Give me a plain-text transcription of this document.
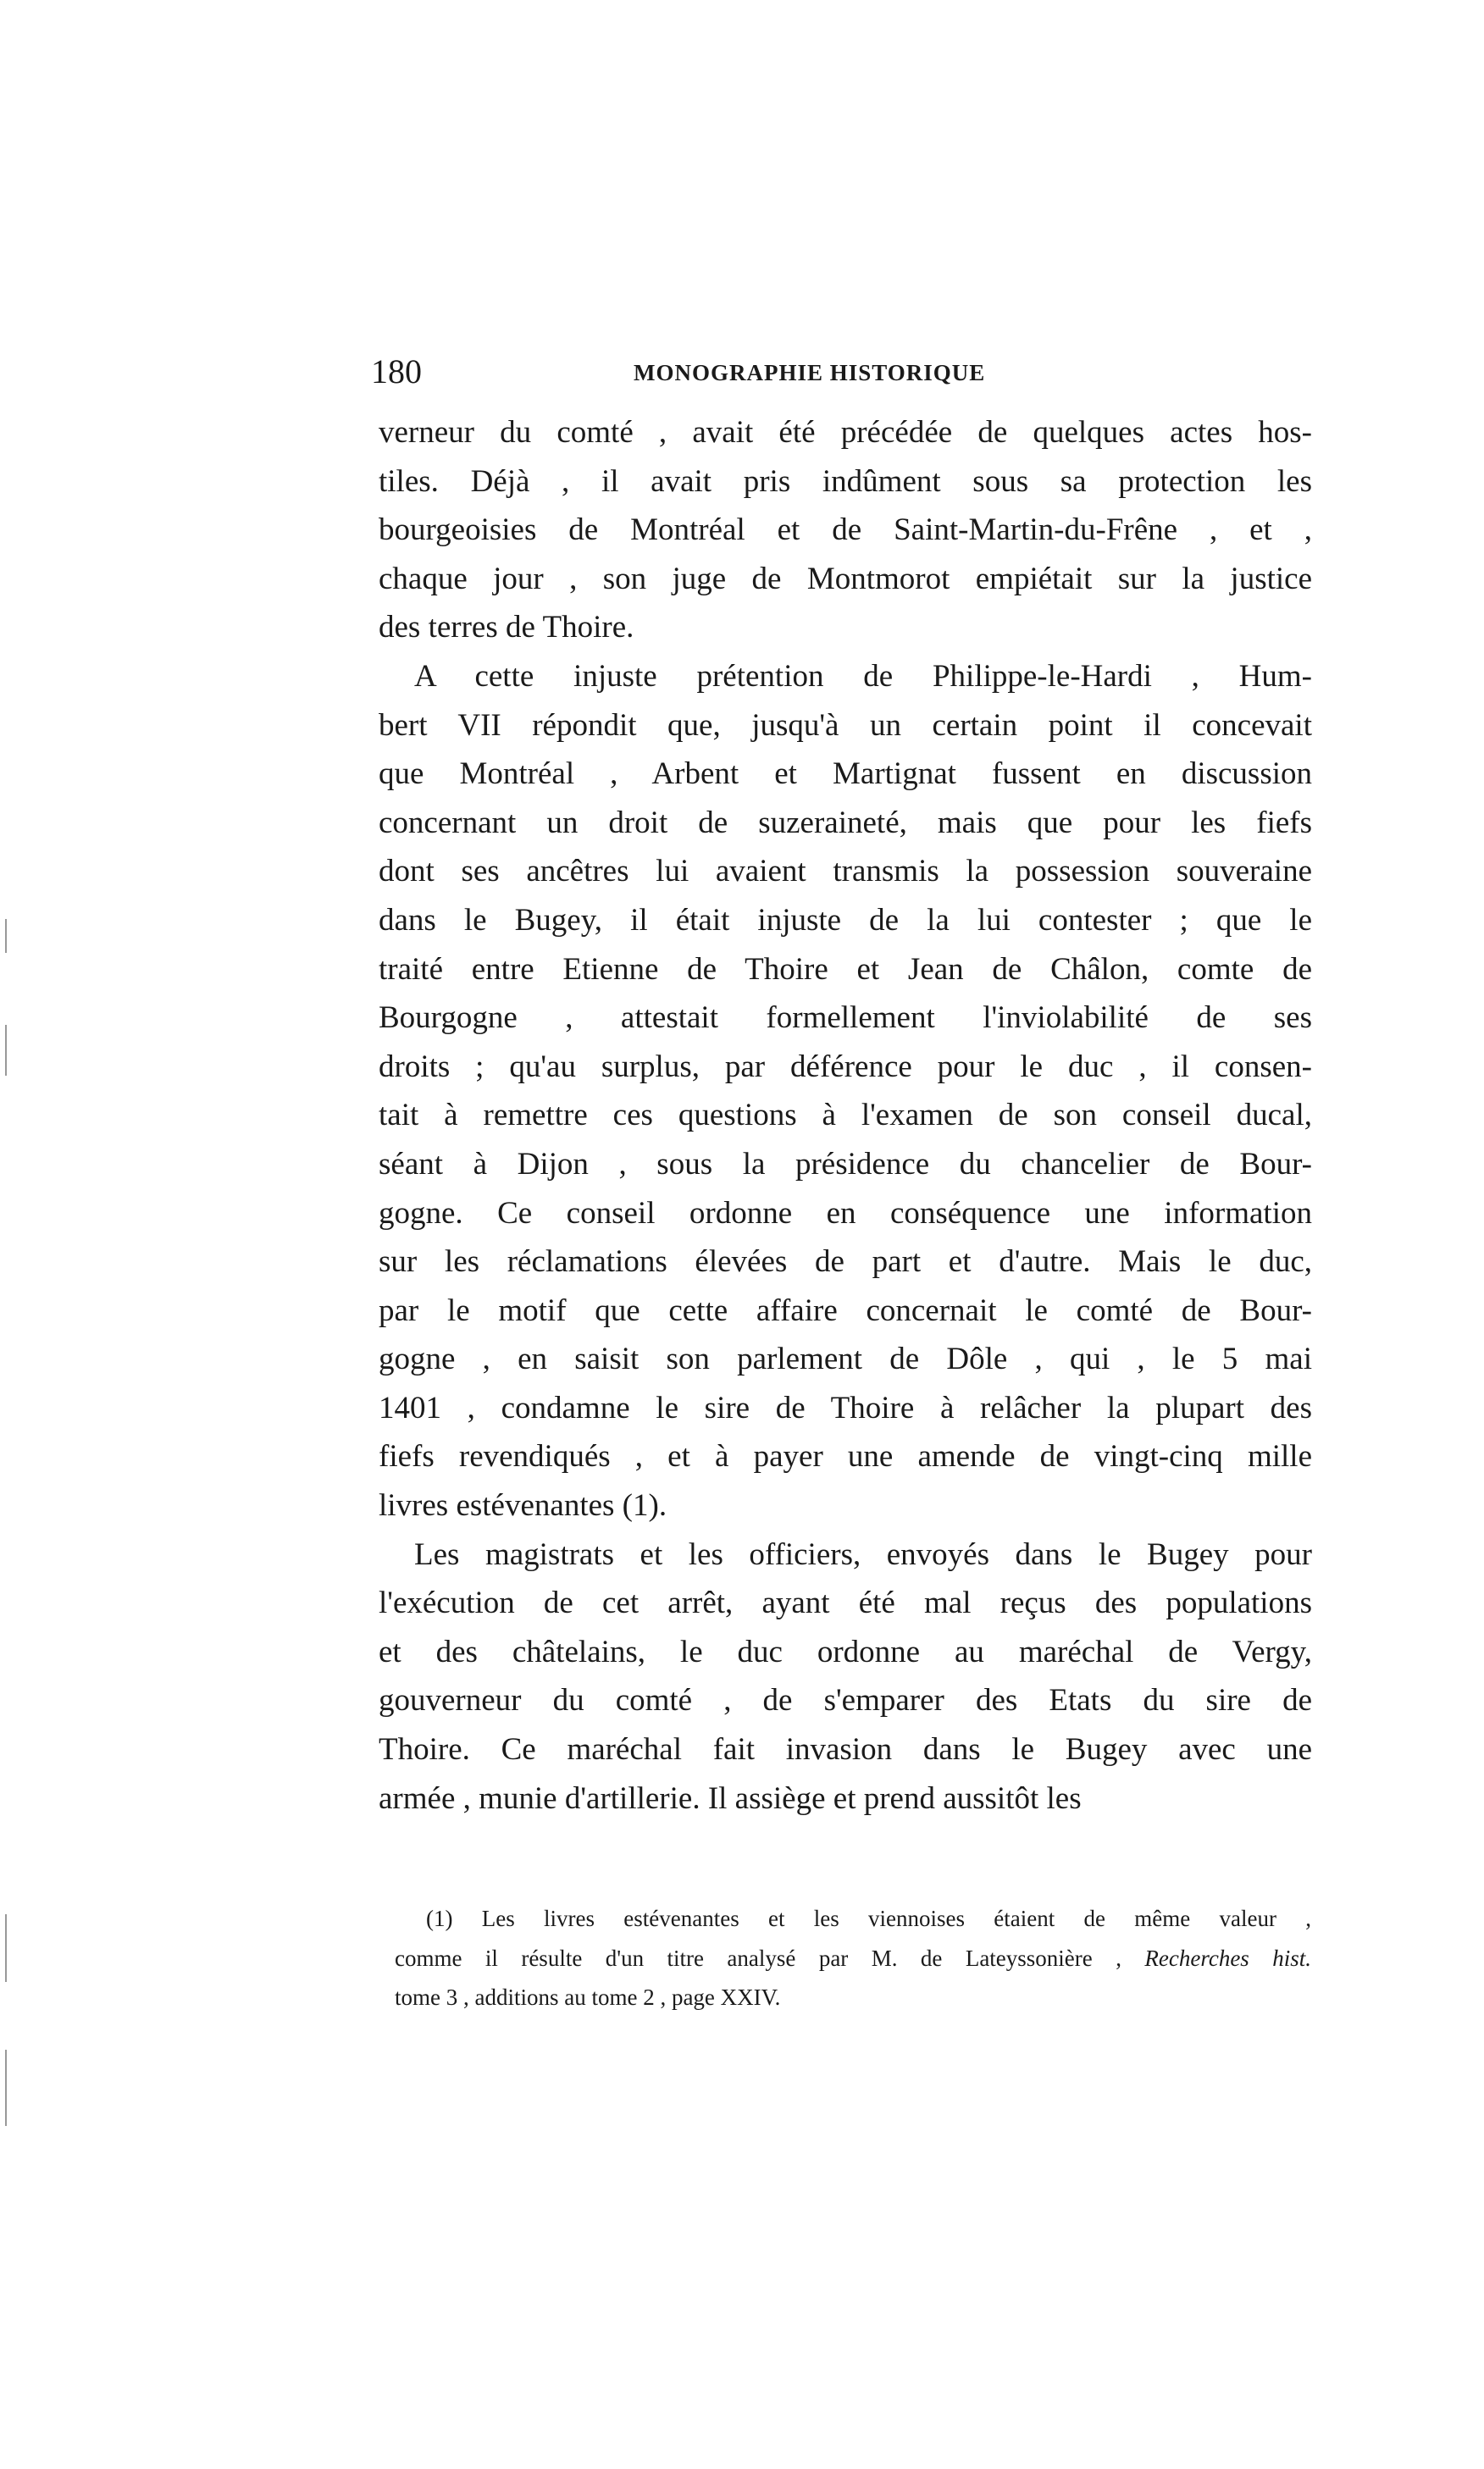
180	MONOGRAPHIE HISTORIQUE
verneur du comté , avait été précédée de quelques actes hos-
tiles. Déjà , il avait pris indûment sous sa protection les
bourgeoisies de Montréal et de Saint-Martin-du-Frêne , et ,
chaque jour , son juge de Montmorot empiétait sur la justice
des terres de Thoire.
A cette injuste prétention de Philippe-le-Hardi , Hum-
bert VII répondit que, jusqu'à un certain point il concevait
que Montréal , Arbent et Martignat fussent en discussion
concernant un droit de suzeraineté, mais que pour les fiefs
dont ses ancêtres lui avaient transmis la possession souveraine
dans le Bugey, il était injuste de la lui contester ; que le
traité entre Etienne de Thoire et Jean de Châlon, comte de
Bourgogne , attestait formellement l'inviolabilité de ses
droits ; qu'au surplus, par déférence pour le duc , il consen-
tait à remettre ces questions à l'examen de son conseil ducal,
séant à Dijon , sous la présidence du chancelier de Bour-
gogne. Ce conseil ordonne en conséquence une information
sur les réclamations élevées de part et d'autre. Mais le duc,
par le motif que cette affaire concernait le comté de Bour-
gogne , en saisit son parlement de Dôle , qui , le 5 mai
1401 , condamne le sire de Thoire à relâcher la plupart des
fiefs revendiqués , et à payer une amende de vingt-cinq mille
livres estévenantes (1).
Les magistrats et les officiers, envoyés dans le Bugey pour
l'exécution de cet arrêt, ayant été mal reçus des populations
et des châtelains, le duc ordonne au maréchal de Vergy,
gouverneur du comté , de s'emparer des Etats du sire de
Thoire. Ce maréchal fait invasion dans le Bugey avec une
armée , munie d'artillerie. Il assiège et prend aussitôt les
(1) Les livres estévenantes et les viennoises étaient de même valeur ,
comme il résulte d'un titre analysé par M. de Lateyssonière , Recherches hist.
tome 3 , additions au tome 2 , page XXIV.
